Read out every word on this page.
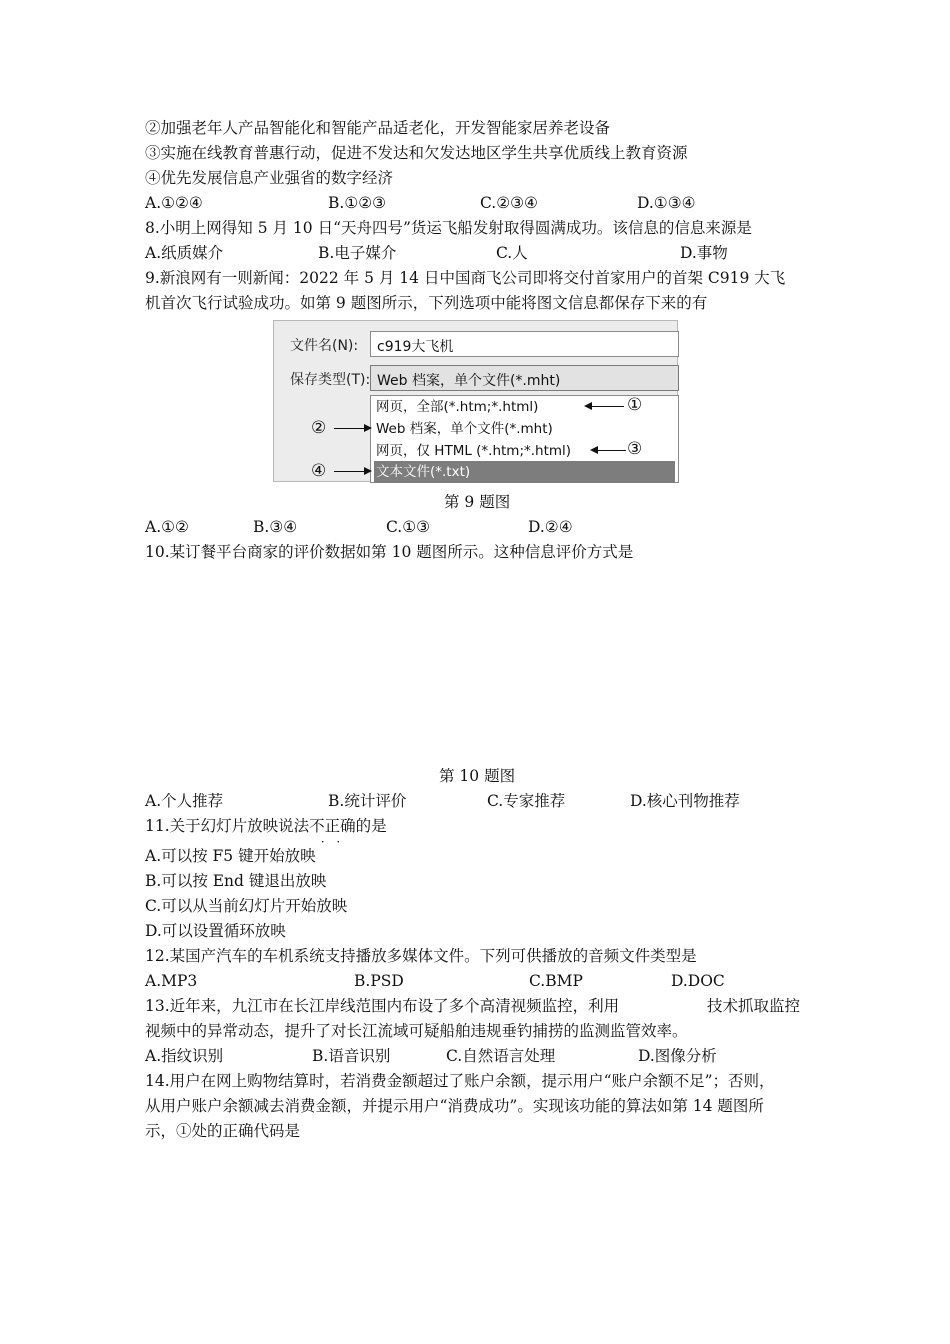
②加强老年人产品智能化和智能产品适老化，开发智能家居养老设备
③实施在线教育普惠行动，促进不发达和欠发达地区学生共享优质线上教育资源
④优先发展信息产业强省的数字经济
A.①②④	B.①②③	C.②③④	D.①③④
8.小明上网得知 5 月 10 日“天舟四号”货运飞船发射取得圆满成功。该信息的信息来源是
A.纸质媒介	B.电子媒介	C.人	D.事物
9.新浪网有一则新闻：2022 年 5 月 14 日中国商飞公司即将交付首家用户的首架 C919 大飞
机首次飞行试验成功。如第 9 题图所示，下列选项中能将图文信息都保存下来的有
文件名(N):	c919大飞机
保存类型(T): Web 档案，单个文件(*.mht)
网页，全部(*.htm;*.html)
Web 档案，单个文件(*.mht)
网页，仅 HTML (*.htm;*.html)
文本文件(*.txt)
①
②
③
④
第 9 题图
A.①②	B.③④	C.①③	D.②④
10.某订餐平台商家的评价数据如第 10 题图所示。这种信息评价方式是
第 10 题图
A.个人推荐	B.统计评价	C.专家推荐	D.核心刊物推荐
11.关于幻灯片放映说法不正确 · ·的是
A.可以按 F5 键开始放映
B.可以按 End 键退出放映
C.可以从当前幻灯片开始放映
D.可以设置循环放映
12.某国产汽车的车机系统支持播放多媒体文件。下列可供播放的音频文件类型是
A.MP3	B.PSD	C.BMP	D.DOC
13.近年来，九江市在长江岸线范围内布设了多个高清视频监控，利用	技术抓取监控
视频中的异常动态，提升了对长江流域可疑船舶违规垂钓捕捞的监测监管效率。
A.指纹识别	B.语音识别	C.自然语言处理	D.图像分析
14.用户在网上购物结算时，若消费金额超过了账户余额，提示用户“账户余额不足”；否则，
从用户账户余额减去消费金额，并提示用户“消费成功”。实现该功能的算法如第 14 题图所
示，①处的正确代码是
